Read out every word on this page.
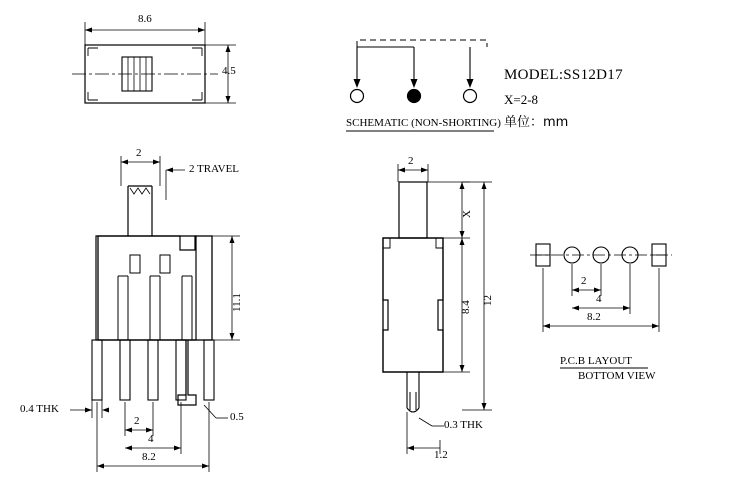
8.6
4.5
SCHEMATIC (NON-SHORTING)
MODEL:SS12D17
X=2-8
单位：mm
2
2 TRAVEL
11.1
0.4 THK
0.5
2
4
8.2
2
X
8.4 12
0.3 THK
1.2
2
4
8.2
P.C.B LAYOUT
BOTTOM VIEW
